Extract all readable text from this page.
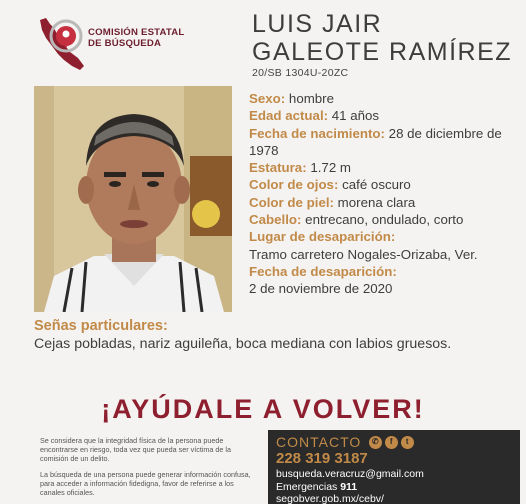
COMISIÓN ESTATAL
DE BÚSQUEDA
LUIS JAIR
GALEOTE RAMÍREZ
20/SB 1304U-20ZC
Sexo: hombre
Edad actual: 41 años
Fecha de nacimiento: 28 de diciembre de 1978
Estatura: 1.72 m
Color de ojos: café oscuro
Color de piel: morena clara
Cabello: entrecano, ondulado, corto
Lugar de desaparición:
Tramo carretero Nogales-Orizaba, Ver.
Fecha de desaparición:
2 de noviembre de 2020
Señas particulares:
Cejas pobladas, nariz aguileña, boca mediana con labios gruesos.
¡AYÚDALE A VOLVER!

Se considera que la integridad física de la persona puede encontrarse en riesgo, toda vez que pueda ser víctima de la comisión de un delito.

La búsqueda de una persona puede generar información confusa, para acceder a información fidedigna, favor de referirse a los canales oficiales.

CONTACTO	✆	f	t
228 319 3187
busqueda.veracruz@gmail.com
Emergencias 911
segobver.gob.mx/cebv/
